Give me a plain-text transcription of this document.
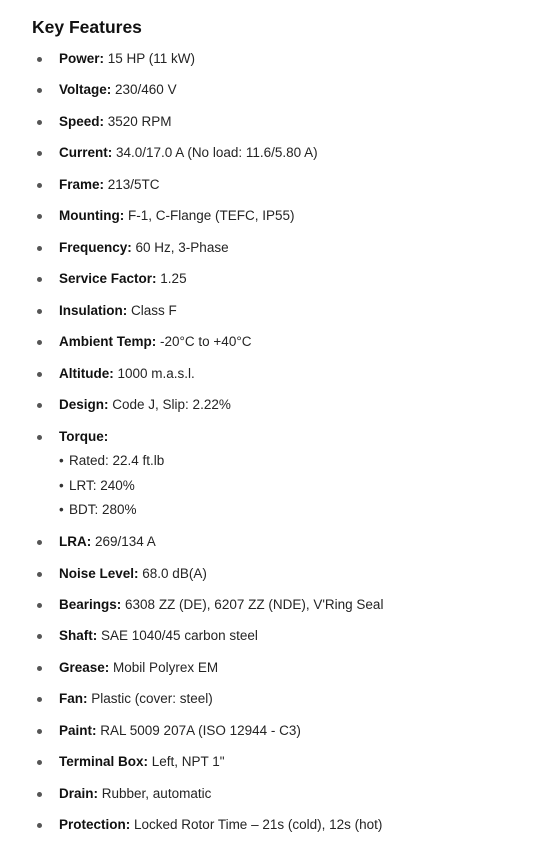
Key Features
Power: 15 HP (11 kW)
Voltage: 230/460 V
Speed: 3520 RPM
Current: 34.0/17.0 A (No load: 11.6/5.80 A)
Frame: 213/5TC
Mounting: F-1, C-Flange (TEFC, IP55)
Frequency: 60 Hz, 3-Phase
Service Factor: 1.25
Insulation: Class F
Ambient Temp: -20°C to +40°C
Altitude: 1000 m.a.s.l.
Design: Code J, Slip: 2.22%
Torque:
• Rated: 22.4 ft.lb
• LRT: 240%
• BDT: 280%
LRA: 269/134 A
Noise Level: 68.0 dB(A)
Bearings: 6308 ZZ (DE), 6207 ZZ (NDE), V'Ring Seal
Shaft: SAE 1040/45 carbon steel
Grease: Mobil Polyrex EM
Fan: Plastic (cover: steel)
Paint: RAL 5009 207A (ISO 12944 - C3)
Terminal Box: Left, NPT 1"
Drain: Rubber, automatic
Protection: Locked Rotor Time – 21s (cold), 12s (hot)
